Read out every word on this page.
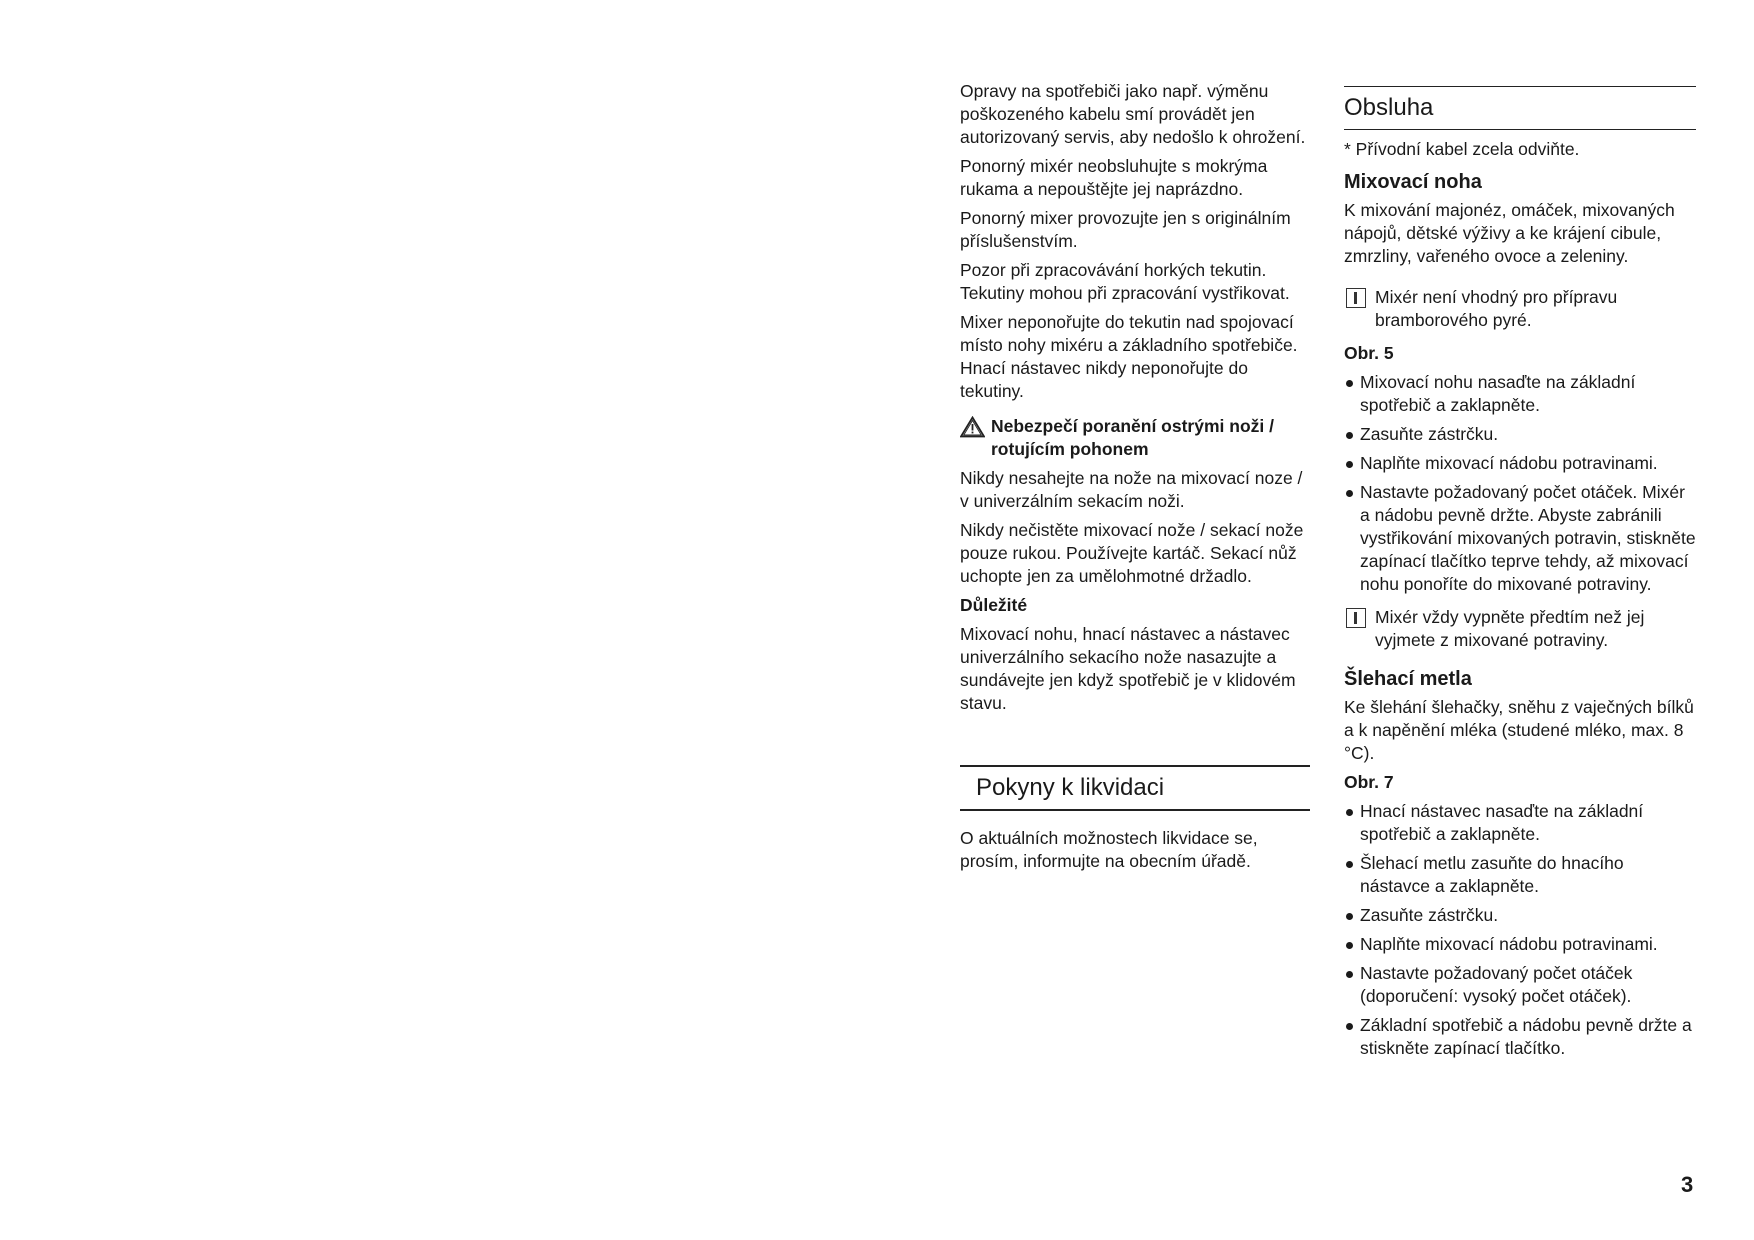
Opravy na spotřebiči jako např. výměnu poškozeného kabelu smí provádět jen autorizovaný servis, aby nedošlo k ohrožení.

Ponorný mixér neobsluhujte s mokrýma rukama a nepouštějte jej naprázdno.

Ponorný mixer provozujte jen s originálním příslušenstvím.

Pozor při zpracovávání horkých tekutin. Tekutiny mohou při zpracování vystřikovat.

Mixer neponořujte do tekutin nad spojovací místo nohy mixéru a základního spotřebiče. Hnací nástavec nikdy neponořujte do tekutiny.

Nebezpečí poranění ostrými noži / rotujícím pohonem

Nikdy nesahejte na nože na mixovací noze / v univerzálním sekacím noži.

Nikdy nečistěte mixovací nože / sekací nože pouze rukou. Používejte kartáč. Sekací nůž uchopte jen za umělohmotné držadlo.

Důležité

Mixovací nohu, hnací nástavec a nástavec univerzálního sekacího nože nasazujte a sundávejte jen když spotřebič je v klidovém stavu.

Pokyny k likvidaci

O aktuálních možnostech likvidace se, prosím, informujte na obecním úřadě.

Obsluha

* Přívodní kabel zcela odviňte.

Mixovací noha

K mixování majonéz, omáček, mixovaných nápojů, dětské výživy a ke krájení cibule, zmrzliny, vařeného ovoce a zeleniny.

Mixér není vhodný pro přípravu bramborového pyré.

Obr. 5

Mixovací nohu nasaďte na základní spotřebič a zaklapněte.
Zasuňte zástrčku.
Naplňte mixovací nádobu potravinami.
Nastavte požadovaný počet otáček. Mixér a nádobu pevně držte. Abyste zabránili vystřikování mixovaných potravin, stiskněte zapínací tlačítko teprve tehdy, až mixovací nohu ponoříte do mixované potraviny.
Mixér vždy vypněte předtím než jej vyjmete z mixované potraviny.
Šlehací metla

Ke šlehání šlehačky, sněhu z vaječných bílků a k napěnění mléka (studené mléko, max. 8 °C).

Obr. 7

Hnací nástavec nasaďte na základní spotřebič a zaklapněte.
Šlehací metlu zasuňte do hnacího nástavce a zaklapněte.
Zasuňte zástrčku.
Naplňte mixovací nádobu potravinami.
Nastavte požadovaný počet otáček (doporučení: vysoký počet otáček).
Základní spotřebič a nádobu pevně držte a stiskněte zapínací tlačítko.
3
